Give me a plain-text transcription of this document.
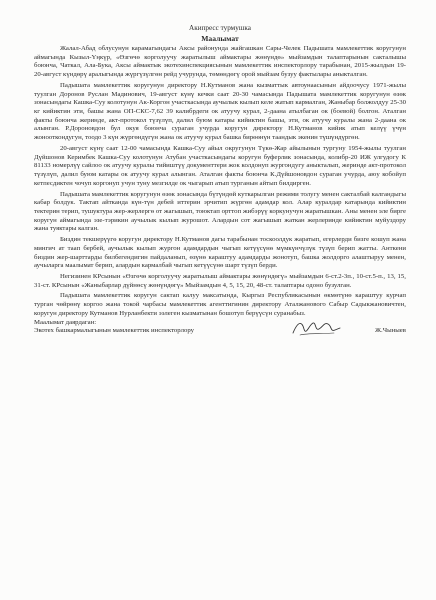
Акипресс турмушка
Маалымат

Жалал-Абад облусунун карамагындагы Аксы районунда жайгашкан Сары-Челек Падышата мамлекеттик коругунун аймагында Кызыл-Үңкүр, «Өзгөчө корголуучу жаратылыш аймактары жөнүндө» мыйзамдын талаптарынын сакталышы боюнча, Чаткал, Ала-Бука, Аксы аймактык экотехинспекциясынын мамлекеттик инспекторлору тарабынан, 2015-жылдын 19-20-август күндөрү аралыгында жүргүзүлгөн рейд учурунда, төмөндөгү орой мыйзам бузуу фактылары аныкталган.

Падышата мамлекеттик коругунун директору Н.Кутманов жана кызматтык автоунаасынын айдоочусу 1971-жылы туулган Доронов Руслан Мадинович, 19-август күнү кечки саат 20-30 чамасында Падышата мамлекеттик коругунун өзөк зонасындагы Кашка-Суу колотунун Ак-Коргон участкасында аучылык кылып келе жатып кармалган, Жаныбар болжолдуу 25-30 кг кийиктин эти, башы жана ОП-СКС-7,62 39 калибрдеги ок атуучу курал, 2-даана атылбаган ок (боевой) болгон. Аталган факты боюнча жеринде, акт-протокол түзүлүп, далил буюм катары кийиктин башы, эти, ок атуучу куралы жана 2-даана ок алынган. Р.Дороновдон бул окуя боюнча сураган учурда коругун директору Н.Кутманов кийик атып келүү үчүн жонооткондугун, тоодо 3 күн жүргөндүгүн жана ок атуучу курал башка бирөөнүн таандык экенин түшүндүргөн.

20-август күнү саат 12-00 чамасында Кашка-Суу айыл округунун Түкө-Жар айылынын тургуну 1954-жылы туулган Дүйшонов Керимбек Кашка-Суу колотунун Атубан участкасындагы коругун буферлик зонасында, колибр-20 ИЖ улгудогу К 81133 номерлүү сайлоо ок атуучу куралы тийиштүү документтери жок колдонуп жургондугу аныкталып, жеринде акт-протокол түзүлүп, далил буюм катары ок атуучу курал алынган. Аталган факты боюнча К.Дүйшоновдон сураган учурда, аюу кобойуп кетпесдиктен чочуп коргонуп учун туну мезгилде ок чыгарып атып турганын айтып билдирген.

Падышата мамлекеттик коругунун өзөк зонасында бүтүндөй куткарылган режими толугу менен сакталбай калгандыгы кабар болдук. Тактап айтканда күн-түн дебей иттерин эрчитип жүргөн адамдар кол. Алар куралдар катарында кийиктин тектерин терип, тушуктура жер-жерлергө от жагышып, тоюктап орттоп жибэрүү коркунучун жаратышкан. Аны менен эле бирге коругун аймагында эзе-тэрикин аучылык кылып журошот. Алардын сот жагышып жаткан жерлеринде кийиктин муйуздору жана туяктары калган.

Биздин текшерүүгө коругун директору Н.Кутманов дагы тарабынан тоскоолдук жаратып, егерлерди бизге кошуп жана мингич ат таап бербей, аучылык кылып жургон адамдардын чыгып кетүүсүнө мүмкүнчүлүк түзүп берип жатты. Анткени биздин жер-шарттарды билбегендигин пайдаланып, өзүнө караштуу адамдарды жонотуп, башка жолдорго алаштыруу менен, аучыларга маалымат берип, алардын кармалбай чыгып кетүүсүнө шарт түзүп берди.

Негизинен КРсынын «Өзгөчө корголуучу жаратылыш аймактары жөнүндөгү» мыйзамдын 6-ст.2-3п., 10-ст.5-п., 13, 15, 31-ст. КРсынын «Жаныбарлар дүйнөсү жөнүндөгү» Мыйзамдын 4, 5, 15, 20, 48-ст. талаптары одоно бузулган.

Падышата мамлекеттик коругун сактап калуу максатында, Кыргыз Республикасынын өкмөтүнө караштуу курчап турган чөйрөнү коргоо жана токой чарбасы мамлекеттик агенттигинин директору Аталжанового Сабыр Садыкжановичтен, коругун директору Кутманов Нурланбекти ээлеген кызматынан бошотуп берүүсүн суранабыз.

Маалымат даярдаган:
Экотех башкармалыгынын мамлекеттик инспекторлору	Ж.Чыныев
